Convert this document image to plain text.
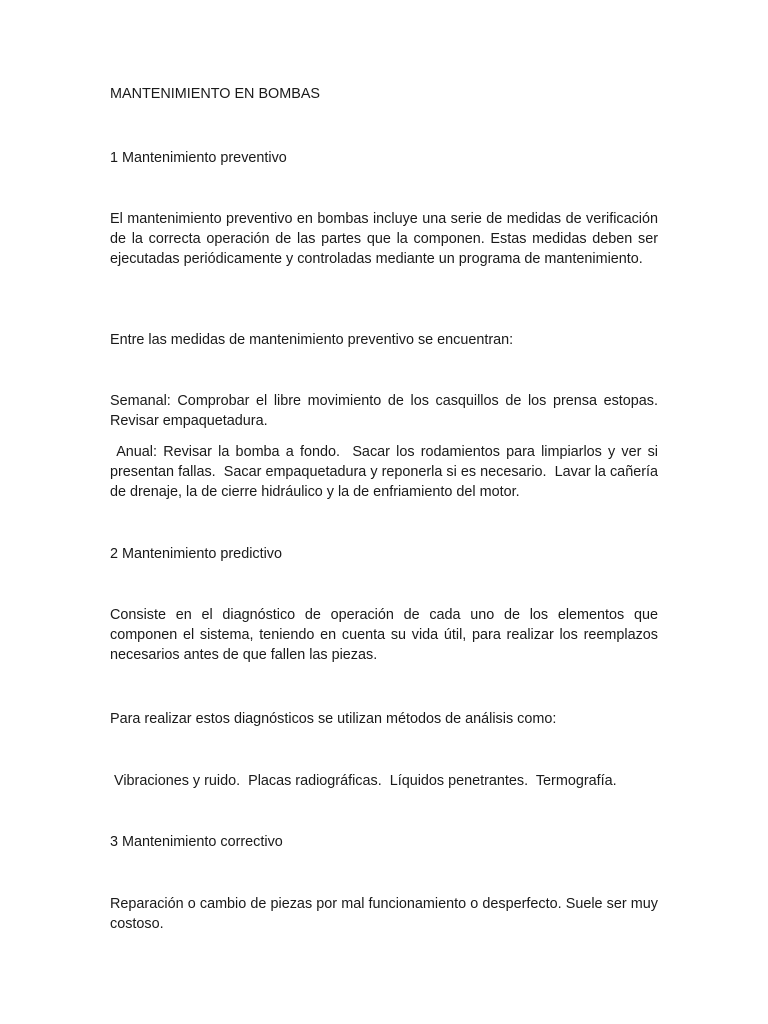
MANTENIMIENTO EN BOMBAS

1 Mantenimiento preventivo

El mantenimiento preventivo en bombas incluye una serie de medidas de verificación de la correcta operación de las partes que la componen. Estas medidas deben ser ejecutadas periódicamente y controladas mediante un programa de mantenimiento.

Entre las medidas de mantenimiento preventivo se encuentran:

Semanal: Comprobar el libre movimiento de los casquillos de los prensa estopas. Revisar empaquetadura.

Anual: Revisar la bomba a fondo.  Sacar los rodamientos para limpiarlos y ver si presentan fallas.  Sacar empaquetadura y reponerla si es necesario.  Lavar la cañería de drenaje, la de cierre hidráulico y la de enfriamiento del motor.

2 Mantenimiento predictivo

Consiste en el diagnóstico de operación de cada uno de los elementos que componen el sistema, teniendo en cuenta su vida útil, para realizar los reemplazos necesarios antes de que fallen las piezas.

Para realizar estos diagnósticos se utilizan métodos de análisis como:

Vibraciones y ruido.  Placas radiográficas.  Líquidos penetrantes.  Termografía.

3 Mantenimiento correctivo

Reparación o cambio de piezas por mal funcionamiento o desperfecto. Suele ser muy costoso.
